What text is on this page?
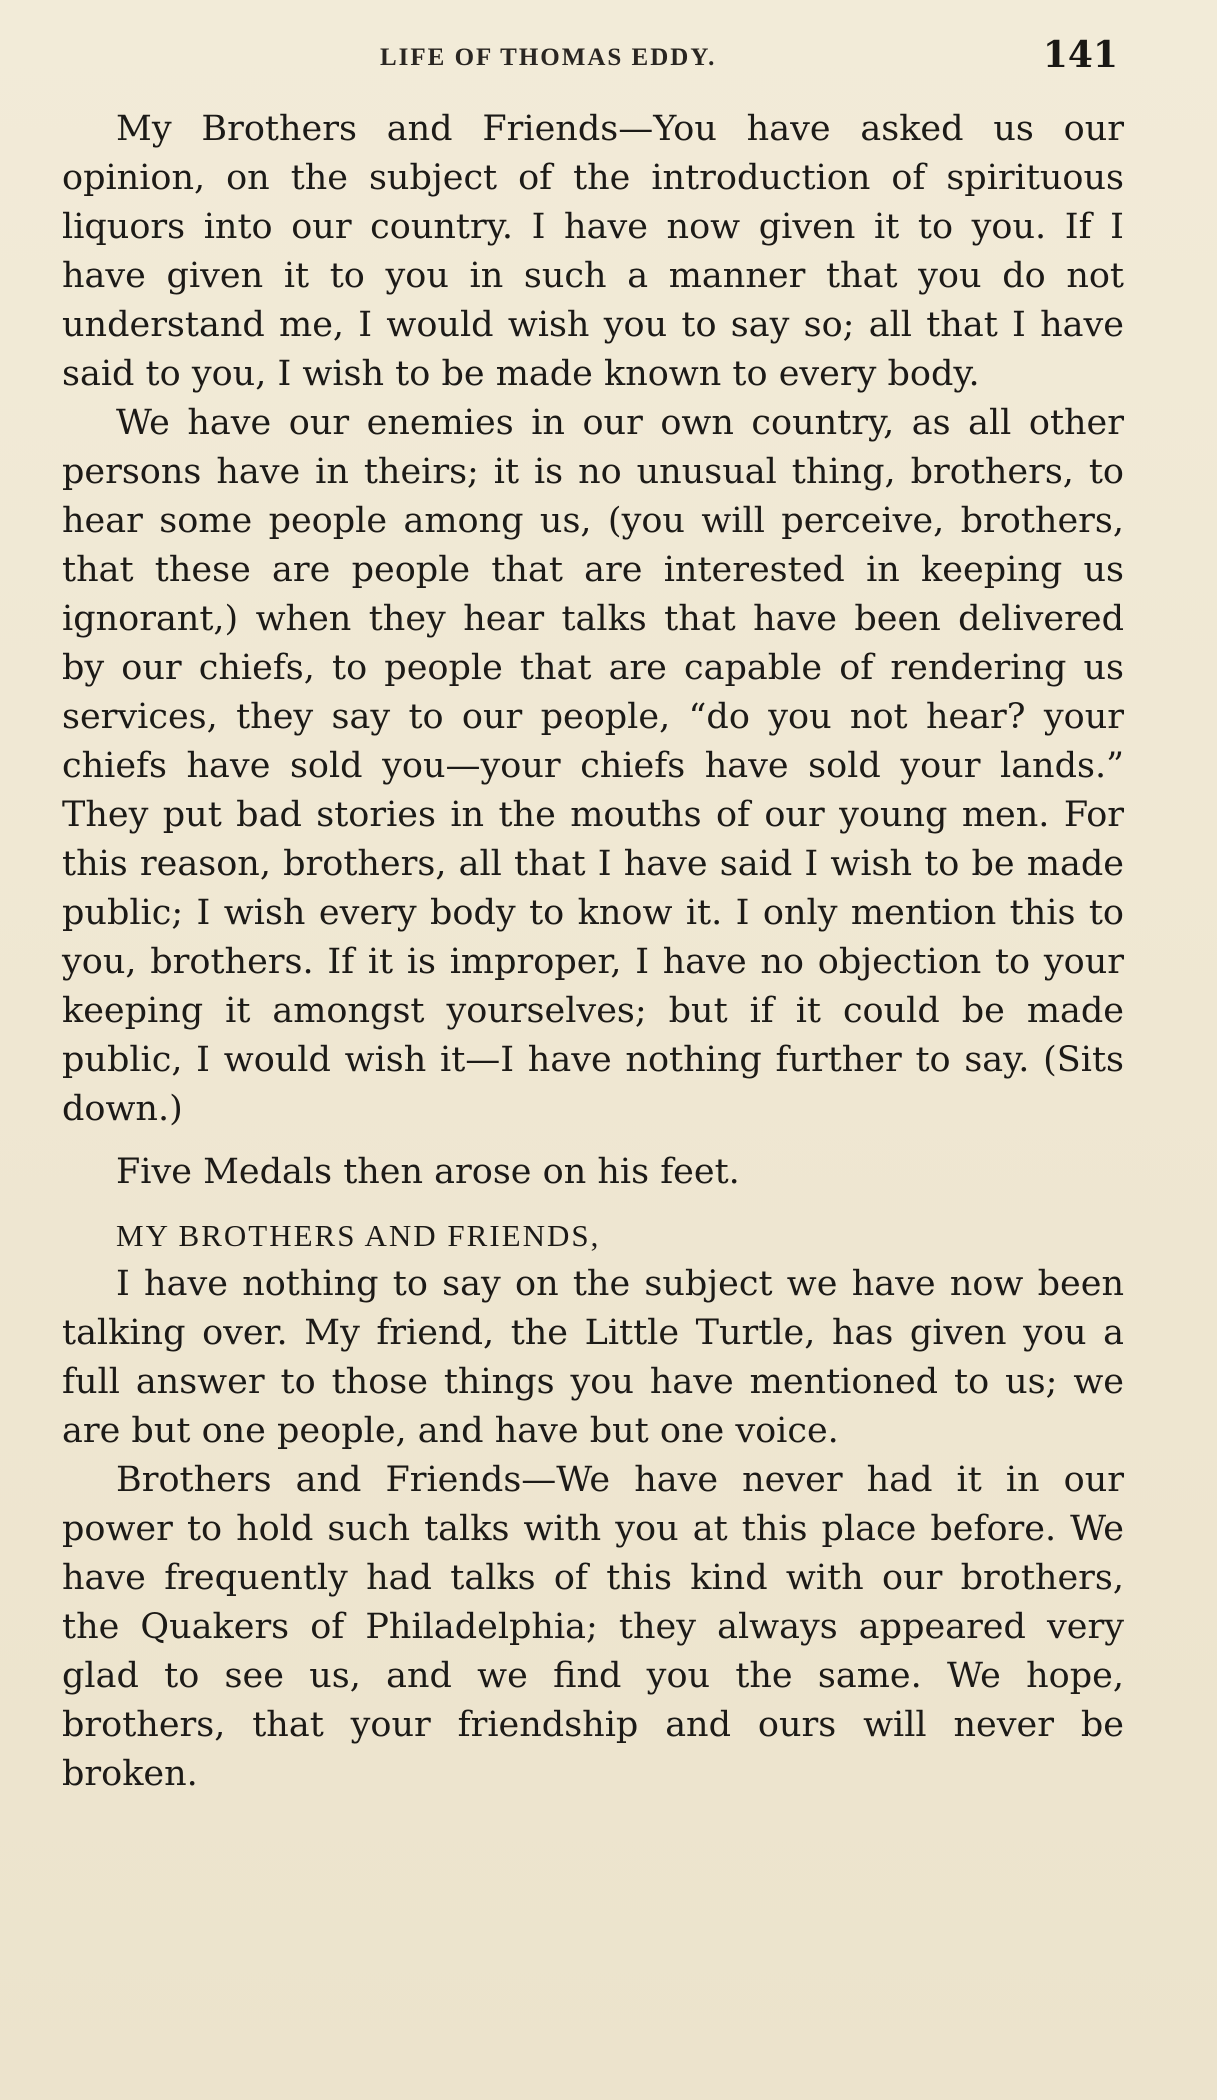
LIFE OF THOMAS EDDY.	141

My Brothers and Friends—You have asked us our opinion, on the subject of the introduction of spirituous liquors into our country. I have now given it to you. If I have given it to you in such a manner that you do not understand me, I would wish you to say so; all that I have said to you, I wish to be made known to every body.

We have our enemies in our own country, as all other persons have in theirs; it is no unusual thing, brothers, to hear some people among us, (you will perceive, brothers, that these are people that are interested in keeping us ignorant,) when they hear talks that have been delivered by our chiefs, to people that are capable of rendering us services, they say to our people, “do you not hear? your chiefs have sold you—your chiefs have sold your lands.” They put bad stories in the mouths of our young men. For this reason, brothers, all that I have said I wish to be made public; I wish every body to know it. I only mention this to you, brothers. If it is improper, I have no objection to your keeping it amongst yourselves; but if it could be made public, I would wish it—I have nothing further to say. (Sits down.)

Five Medals then arose on his feet.

MY BROTHERS AND FRIENDS,

I have nothing to say on the subject we have now been talking over. My friend, the Little Turtle, has given you a full answer to those things you have mentioned to us; we are but one people, and have but one voice.

Brothers and Friends—We have never had it in our power to hold such talks with you at this place before. We have frequently had talks of this kind with our brothers, the Quakers of Philadelphia; they always appeared very glad to see us, and we find you the same. We hope, brothers, that your friendship and ours will never be broken.
